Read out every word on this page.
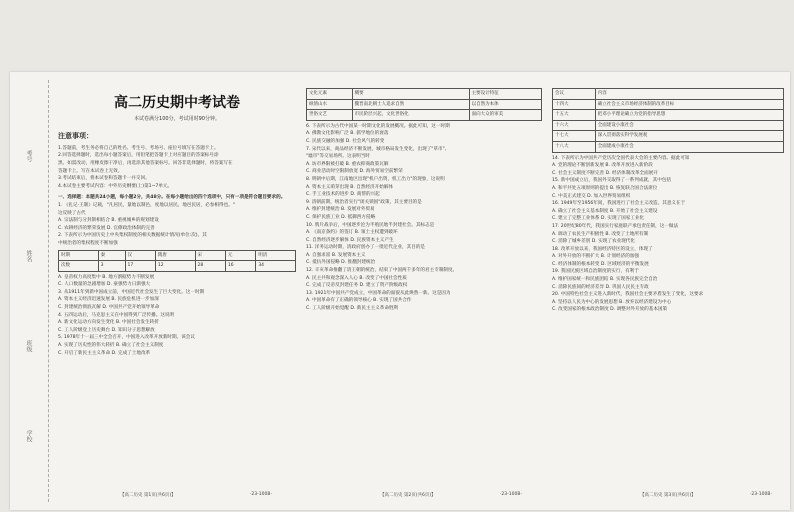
考号
姓名
班级
学校
高二历史期中考试卷
本试卷满分100分，考试用时90分钟。
注意事项：
1.答题前，考生务必将自己的姓名、考生号、考场号、座位号填写在答题卡上。
2.回答选择题时，选出每小题答案后，用铅笔把答题卡上对应题目的答案标号涂
黑。如需改动，用橡皮擦干净后，再选涂其他答案标号。回答非选择题时，将答案写在
答题卡上。写在本试卷上无效。
3.考试结束后，将本试卷和答题卡一并交回。
4.本试卷主要考试内容：中外历史纲要(上)第1~7单元。
一、选择题：本题共24小题，每小题2分，共48分。在每小题给出的四个选项中，只有一项是符合题目要求的。
1. 《礼记·王制》记载，"凡居民，量地以制邑，度地以居民。地邑民居，必参相得也。"
这反映了古代
A. 宗法制与分封制相结合 B. 重视城乡的规划建设
C. 农耕经济的繁荣发展 D. 官僚政治体制的完善
2. 下表所示为中国历史上中央集权制度的相关数据统计情况(单位:次)。其
中统治者的集权程度不断加强
时期	秦	汉	隋唐	宋	元	明清
次数	3	17	12	28	16	34
A. 皇帝权力高度集中 B. 地方割据势力不断发展
C. 人口数量的急剧增加 D. 豪强势力日渐强大
3. 从1911年到新中国成立前，中国近代社会发生了巨大变化。这一时期
A. 资本主义经济迅速发展 B. 民族危机进一步加深
C. 封建统治彻底瓦解 D. 中国共产党开始领导革命
4. 五四运动后，马克思主义在中国得到广泛传播。这说明
A. 新文化运动方向发生变化 B. 中国社会发生转折
C. 工人阶级登上历史舞台 D. 知识分子思想解放
5. 1978年十一届三中全会召开，中国进入改革开放新时期。该会议
A. 实现了历史性的伟大转折 B. 确立了社会主义制度
C. 开启了新民主主义革命 D. 完成了土地改革
【高二历史 第1页(共6页)】	·23-100B·
文化元素	概要	主要设计特征
纵情山水	魏晋南北朝士人追求自然	以自然为本体
世俗文艺	市民阶层兴起，文化世俗化	面向大众的审美
6. 下表所示为古代中国某一时期文化的发展概况。据此可知，这一时期
A. 佛教文化影响广泛 B. 儒学地位的衰落
C. 民族交融的加强 D. 社会风气的转变
7. 宋代以来，商品经济不断发展，城市格局发生变化，出现了"草市"、
"墟市"等交易场所。这表明当时
A. 坊市界限被打破 B. 重农抑商政策瓦解
C. 商业活动时空限制放宽 D. 海外贸易空前繁荣
8. 明朝中后期，江南地区出现"机户出资，机工出力"的现象，这说明
A. 资本主义萌芽出现 B. 自然经济开始解体
C. 手工业技术的进步 D. 商帮的兴起
9. 清朝前期，统治者实行"闭关锁国"政策，其主要目的是
A. 维护封建统治 B. 发展对外贸易
C. 保护民族工业 D. 抵御西方侵略
10. 鸦片战争后，中国逐步沦为半殖民地半封建社会。其标志是
A. 《南京条约》的签订 B. 领土主权遭到破坏
C. 自然经济逐步解体 D. 民族资本主义产生
11. 洋务运动时期，清政府创办了一批近代企业，其目的是
A. 自强求富 B. 发展资本主义
C. 抵抗外国侵略 D. 推翻封建统治
12. 辛亥革命推翻了清王朝的统治，结束了中国两千多年的君主专制制度。
A. 民主共和观念深入人心 B. 改变了中国社会性质
C. 完成了反帝反封建任务 D. 建立了资产阶级政权
13. 1921年中国共产党成立，中国革命的面貌从此焕然一新。这是因为
A. 中国革命有了正确的领导核心 B. 实现了国共合作
C. 工人阶级开始觉醒 D. 新民主主义革命胜利
【高二历史 第2页(共6页)】	·23-100B·
会议	内容
十四大	确立社会主义市场经济体制的改革目标
十五大	把邓小平理论确立为党的指导思想
十六大	全面建设小康社会
十七大	深入贯彻落实科学发展观
十八大	全面建成小康社会
14. 下表所示为中国共产党历次全国代表大会的主要内容。据此可知
A. 党的理论不断创新发展 B. 改革开放进入新阶段
C. 社会主义制度不断完善 D. 经济体制改革全面展开
15. 新中国成立后，我国外交取得了一系列成就，其中包括
A. 和平共处五项原则的提出 B. 恢复联合国合法席位
C. 中美正式建交 D. 加入世界贸易组织
16. 1949年至1956年间，我国进行了社会主义改造。其意义在于
A. 确立了社会主义基本制度 B. 开始了社会主义建设
C. 建立了完整工业体系 D. 实现了国家工业化
17. 20世纪80年代，我国实行家庭联产承包责任制，这一做法
A. 调动了农民生产积极性 B. 改变了土地所有制
C. 消除了城乡差别 D. 实现了农业现代化
18. 改革开放以来，我国经济特区的设立，体现了
A. 对外开放的不断扩大 B. 计划经济的加强
C. 经济体制的根本转变 D. 区域经济的平衡发展
19. 我国民族区域自治制度的实行，有利于
A. 维护国家统一和民族团结 B. 实现各民族完全自治
C. 消除民族间的经济差异 D. 巩固人民民主专政
20. 中国特色社会主义进入新时代，我国社会主要矛盾发生了变化，这要求
A. 坚持以人民为中心的发展思想 B. 放弃以经济建设为中心
C. 改变国家的根本政治制度 D. 调整对外开放的基本国策
【高二历史 第3页(共6页)】	·23-100B·
